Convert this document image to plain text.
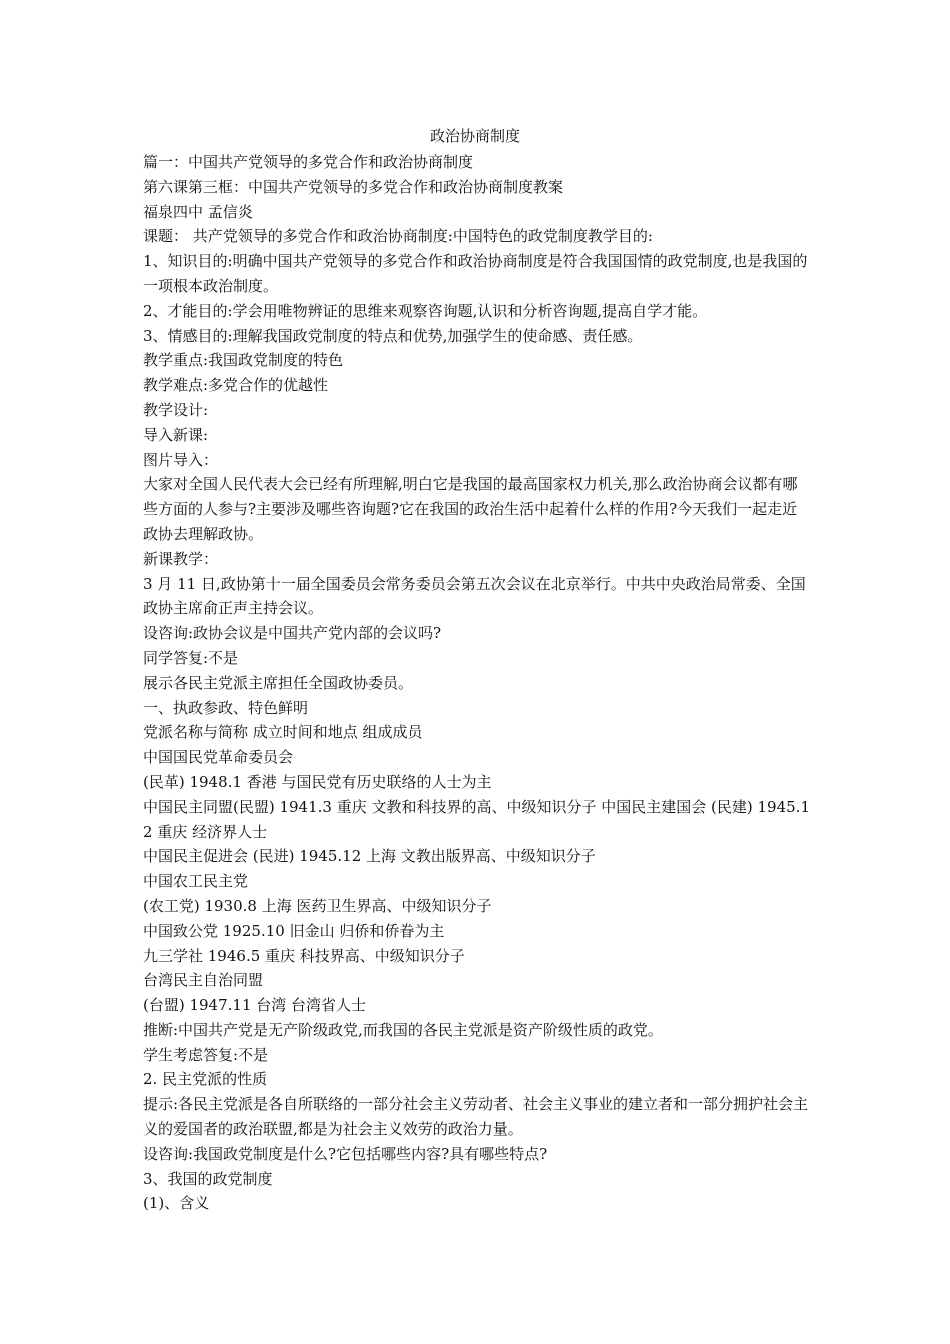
政治协商制度

篇一：中国共产党领导的多党合作和政治协商制度

第六课第三框：中国共产党领导的多党合作和政治协商制度教案

福泉四中 孟信炎

课题： 共产党领导的多党合作和政治协商制度:中国特色的政党制度教学目的:

1、知识目的:明确中国共产党领导的多党合作和政治协商制度是符合我国国情的政党制度,也是我国的一项根本政治制度。

2、才能目的:学会用唯物辨证的思维来观察咨询题,认识和分析咨询题,提高自学才能。

3、情感目的:理解我国政党制度的特点和优势,加强学生的使命感、责任感。

教学重点:我国政党制度的特色

教学难点:多党合作的优越性

教学设计:

导入新课:

图片导入：

大家对全国人民代表大会已经有所理解,明白它是我国的最高国家权力机关,那么政治协商会议都有哪些方面的人参与?主要涉及哪些咨询题?它在我国的政治生活中起着什么样的作用?今天我们一起走近政协去理解政协。

新课教学：

3 月 11 日,政协第十一届全国委员会常务委员会第五次会议在北京举行。中共中央政治局常委、全国政协主席俞正声主持会议。

设咨询:政协会议是中国共产党内部的会议吗?

同学答复:不是

展示各民主党派主席担任全国政协委员。

一、执政参政、特色鲜明

党派名称与简称 成立时间和地点 组成成员

中国国民党革命委员会

(民革) 1948.1 香港 与国民党有历史联络的人士为主

中国民主同盟(民盟) 1941.3 重庆 文教和科技界的高、中级知识分子 中国民主建国会 (民建) 1945.12 重庆 经济界人士

中国民主促进会 (民进) 1945.12 上海 文教出版界高、中级知识分子

中国农工民主党

(农工党) 1930.8 上海 医药卫生界高、中级知识分子

中国致公党 1925.10 旧金山 归侨和侨眷为主

九三学社 1946.5 重庆 科技界高、中级知识分子

台湾民主自治同盟

(台盟) 1947.11 台湾 台湾省人士

推断:中国共产党是无产阶级政党,而我国的各民主党派是资产阶级性质的政党。

学生考虑答复:不是

2. 民主党派的性质

提示:各民主党派是各自所联络的一部分社会主义劳动者、社会主义事业的建立者和一部分拥护社会主义的爱国者的政治联盟,都是为社会主义效劳的政治力量。

设咨询:我国政党制度是什么?它包括哪些内容?具有哪些特点?

3、我国的政党制度

(1)、含义
